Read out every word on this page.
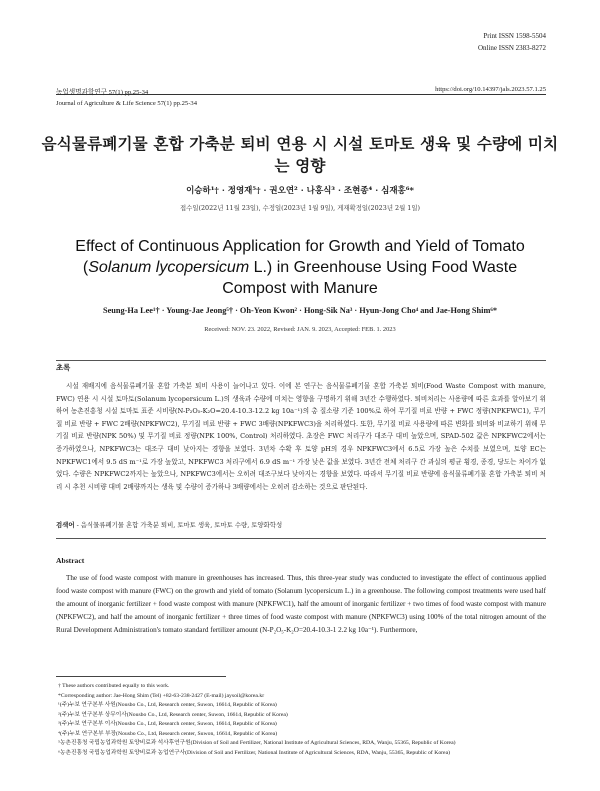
Print ISSN 1598-5504
Online ISSN 2383-8272
농업생명과학연구 57(1) pp.25-34	https://doi.org/10.14397/jals.2023.57.1.25
Journal of Agriculture & Life Science 57(1) pp.25-34
음식물류폐기물 혼합 가축분 퇴비 연용 시 시설 토마토 생육 및 수량에 미치는 영향
이승하¹† · 정영재⁵† · 권오연² · 나홍식³ · 조현종⁴ · 심재홍⁶*
접수일(2022년 11월 23일), 수정일(2023년 1월 9일), 게재확정일(2023년 2월 1일)
Effect of Continuous Application for Growth and Yield of Tomato (Solanum lycopersicum L.) in Greenhouse Using Food Waste Compost with Manure
Seung-Ha Lee¹† · Young-Jae Jeong⁵† · Oh-Yeon Kwon² · Hong-Sik Na³ · Hyun-Jong Cho⁴ and Jae-Hong Shim⁶*
Received: NOV. 23. 2022, Revised: JAN. 9. 2023, Accepted: FEB. 1. 2023
초록
시설 재배지에 음식물류폐기물 혼합 가축분 퇴비 사용이 늘어나고 있다. 이에 본 연구는 음식물류폐기물 혼합 가축분 퇴비(Food Waste Compost with manure, FWC) 연용 시 시설 토마토(Solanum lycopersicum L.)의 생육과 수량에 미치는 영향을 구명하기 위해 3년간 수행하였다. 퇴비처리는 사용량에 따른 효과를 알아보기 위하여 농촌진흥청 시설 토마토 표준 시비량(N-P₂O₅-K₂O=20.4-10.3-12.2 kg 10a⁻¹)의 총 질소량 기준 100%로 하여 무기질 비료 반량 + FWC 정량(NPKFWC1), 무기질 비료 반량 + FWC 2배량(NPKFWC2), 무기질 비료 반량 + FWC 3배량(NPKFWC3)을 처리하였다. 또한, 무기질 비료 사용량에 따른 변화를 퇴비와 비교하기 위해 무기질 비료 반량(NPK 50%) 및 무기질 비료 정량(NPK 100%, Control) 처리하였다. 초장은 FWC 처리구가 대조구 대비 높았으며, SPAD-502 값은 NPKFWC2에서는 증가하였으나, NPKFWC3는 대조구 대비 낮아지는 경향을 보였다. 3년차 수확 후 토양 pH의 경우 NPKFWC3에서 6.5로 가장 높은 수치를 보였으며, 토양 EC는 NPKFWC1에서 9.5 dS m⁻¹로 가장 높았고, NPKFWC3 처리구에서 6.9 dS m⁻¹ 가장 낮은 값을 보였다. 3년간 전체 처리구 간 과실의 평균 횡경, 종경, 당도는 차이가 없었다. 수량은 NPKFWC2까지는 높았으나, NPKFWC3에서는 오히려 대조구보다 낮아지는 경향을 보였다. 따라서 무기질 비료 반량에 음식물류폐기물 혼합 가축분 퇴비 처리 시 추천 시비량 대비 2배량까지는 생육 및 수량이 증가하나 3배량에서는 오히려 감소하는 것으로 판단된다.
검색어 - 음식물류폐기물 혼합 가축분 퇴비, 토마토 생육, 토마토 수량, 토양화학성
Abstract
The use of food waste compost with manure in greenhouses has increased. Thus, this three-year study was conducted to investigate the effect of continuous applied food waste compost with manure (FWC) on the growth and yield of tomato (Solanum lycopersicum L.) in a greenhouse. The following compost treatments were used half the amount of inorganic fertilizer + food waste compost with manure (NPKFWC1), half the amount of inorganic fertilizer + two times of food waste compost with manure (NPKFWC2), and half the amount of inorganic fertilizer + three times of food waste compost with manure (NPKFWC3) using 100% of the total nitrogen amount of the Rural Development Administration's tomato standard fertilizer amount (N-P₂O₅-K₂O=20.4-10.3-1 2.2 kg 10a⁻¹). Furthermore,
† These authors contributed equally to this work.
*Corresponding author: Jae-Hong Shim (Tel) +82-63-238-2427 (E-mail) jaysoil@korea.kr
¹(주)누보 연구본부 사원(Nousbo Co., Ltd, Research center, Suwon, 16614, Republic of Korea)
²(주)누보 연구본부 상무이사(Nousbo Co., Ltd, Research center, Suwon, 16614, Republic of Korea)
³(주)누보 연구본부 이사(Nousbo Co., Ltd, Research center, Suwon, 16614, Republic of Korea)
⁴(주)누보 연구본부 부장(Nousbo Co., Ltd, Research center, Suwon, 16614, Republic of Korea)
⁵농촌진흥청 국립농업과학원 토양비료과 석사후연구원(Division of Soil and Fertilizer, National Institute of Agricultural Sciences, RDA, Wanju, 55365, Republic of Korea)
⁶농촌진흥청 국립농업과학원 토양비료과 농업연구사(Division of Soil and Fertilizer, National Institute of Agricultural Sciences, RDA, Wanju, 55365, Republic of Korea)
